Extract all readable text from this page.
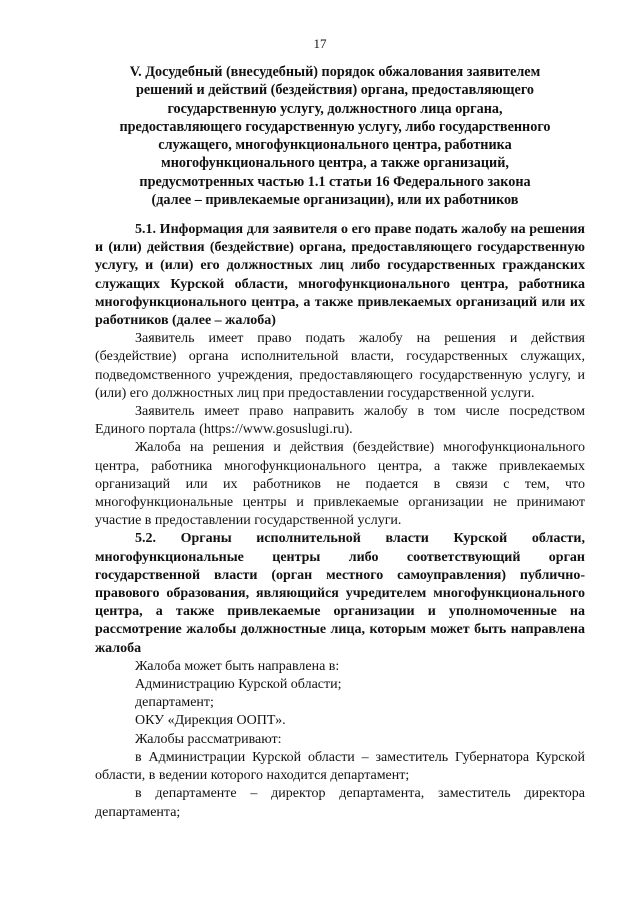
17
V. Досудебный (внесудебный) порядок обжалования заявителем
решений и действий (бездействия) органа, предоставляющего
государственную услугу, должностного лица органа,
предоставляющего государственную услугу, либо государственного
служащего, многофункционального центра, работника
многофункционального центра, а также организаций,
предусмотренных частью 1.1 статьи 16 Федерального закона
(далее – привлекаемые организации), или их работников

5.1. Информация для заявителя о его праве подать жалобу на решения и (или) действия (бездействие) органа, предоставляющего государственную услугу, и (или) его должностных лиц либо государственных гражданских служащих Курской области, многофункционального центра, работника многофункционального центра, а также привлекаемых организаций или их работников (далее – жалоба)

Заявитель имеет право подать жалобу на решения и действия (бездействие) органа исполнительной власти, государственных служащих, подведомственного учреждения, предоставляющего государственную услугу, и (или) его должностных лиц при предоставлении государственной услуги.

Заявитель имеет право направить жалобу в том числе посредством Единого портала (https://www.gosuslugi.ru).

Жалоба на решения и действия (бездействие) многофункционального центра, работника многофункционального центра, а также привлекаемых организаций или их работников не подается в связи с тем, что многофункциональные центры и привлекаемые организации не принимают участие в предоставлении государственной услуги.

5.2. Органы исполнительной власти Курской области, многофункциональные центры либо соответствующий орган государственной власти (орган местного самоуправления) публично-правового образования, являющийся учредителем многофункционального центра, а также привлекаемые организации и уполномоченные на рассмотрение жалобы должностные лица, которым может быть направлена жалоба

Жалоба может быть направлена в:

Администрацию Курской области;

департамент;

ОКУ «Дирекция ООПТ».

Жалобы рассматривают:

в Администрации Курской области – заместитель Губернатора Курской области, в ведении которого находится департамент;

в департаменте – директор департамента, заместитель директора департамента;
